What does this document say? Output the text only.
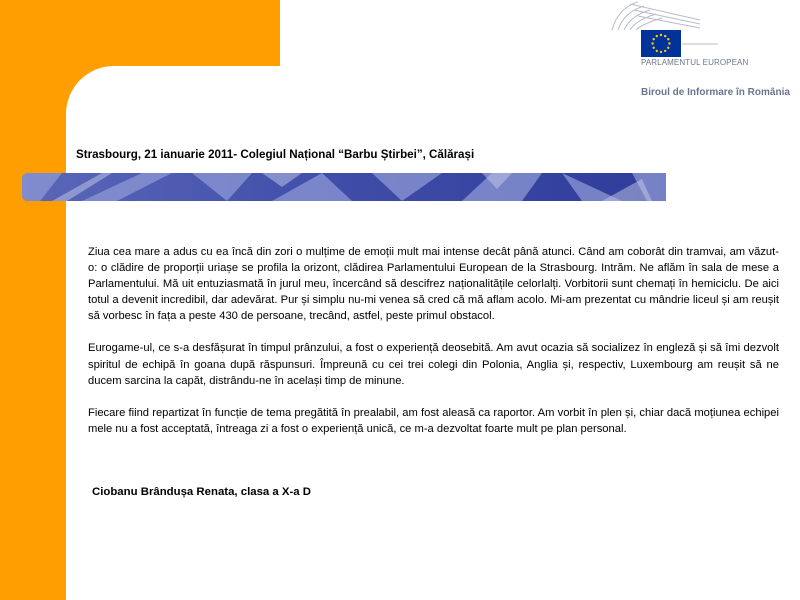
PARLAMENTUL EUROPEAN
Biroul de Informare în România
Strasbourg, 21 ianuarie 2011- Colegiul Național “Barbu Știrbei”, Călărași

Ziua cea mare a adus cu ea încă din zori o mulțime de emoții mult mai intense decât până atunci. Când am coborât din tramvai, am văzut-o: o clădire de proporții uriașe se profila la orizont, clădirea Parlamentului European de la Strasbourg. Intrăm. Ne aflăm în sala de mese a Parlamentului. Mă uit entuziasmată în jurul meu, încercând să descifrez naționalitățile celorlalți. Vorbitorii sunt chemați în hemiciclu. De aici totul a devenit incredibil, dar adevărat. Pur și simplu nu-mi venea să cred că mă aflam acolo. Mi-am prezentat cu mândrie liceul și am reușit să vorbesc în fața a peste 430 de persoane, trecând, astfel, peste primul obstacol.

Eurogame-ul, ce s-a desfășurat în timpul prânzului, a fost o experiență deosebită. Am avut ocazia să socializez în engleză și să îmi dezvolt spiritul de echipă în goana după răspunsuri. Împreună cu cei trei colegi din Polonia, Anglia și, respectiv, Luxembourg am reușit să ne ducem sarcina la capăt, distrându-ne în același timp de minune.

Fiecare fiind repartizat în funcție de tema pregătită în prealabil, am fost aleasă ca raportor. Am vorbit în plen și, chiar dacă moțiunea echipei mele nu a fost acceptată, întreaga zi a fost o experiență unică, ce m-a dezvoltat foarte mult pe plan personal.

Ciobanu Brândușa Renata, clasa a X-a D
